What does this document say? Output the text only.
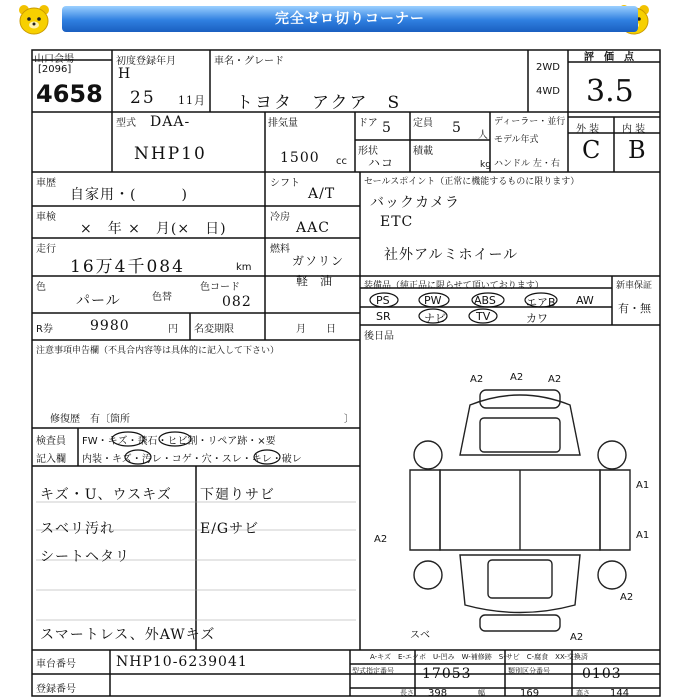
完全ゼロ切りコーナー
山口会場
[2096]
4658
初度登録年月
H
25 11月
車名・グレード
トヨタ　アクア　S
2WD
4WD
評　価　点
3.5
外 装 内 装
C B
型式 DAA-
NHP10
排気量
1500 cc
ドア 5 定員 5 人
形状
ハコ
積載
kg
ディーラー・並行
モデル年式
ハンドル 左・右
車歴
自家用・(　　　)
シフト
A/T
車検
×　年 ×　月(×　日)
冷房
AAC
走行
16万4千084	km
燃料
ガソリン
軽　油
色
パール	色替
色コード
082
R券	9980	円 名変期限	月　　日
セールスポイント（正常に機能するものに限ります）
バックカメラ
ETC
社外アルミホイール
装備品（純正品に限らせて頂いております）
PS	PW	ABS	エアB AW
SR	ナビ	TV	カワ
新車保証
有・無
後日品
注意事項申告欄（不具合内容等は具体的に記入して下さい）
修復歴　有〔箇所	〕
検査員 FW・キズ・飛石・ヒビ割・リペア跡・×要
記入欄 内装・キズ・汚レ・コゲ・穴・スレ・キレ・破レ
キズ・U、ウスキズ
スベリ汚れ
シートヘタリ
スマートレス、外AWキズ
下廻りサビ
E/Gサビ
A2	A2 A2
A1
A1
A2
A2
A2
スベ
A-キズ　E-エクボ　U-凹み　W-補修跡　S-サビ　C-腐食　XX-交換済
車台番号	NHP10-6239041
登録番号
型式指定番号 17053	類別区分番号 0103
長さ 398	幅	169	高さ 144
